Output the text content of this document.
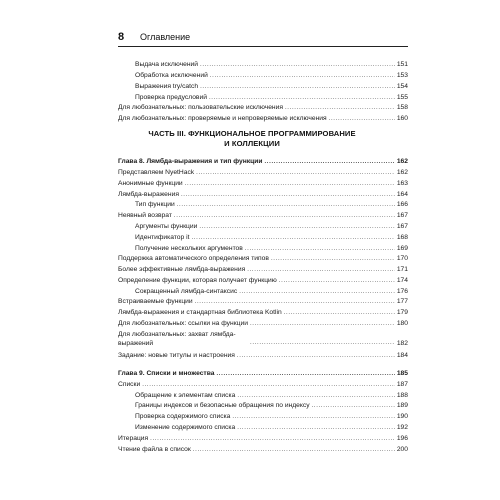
8 Оглавление
Выдача исключений . . .	151
Обработка исключений . . .	153
Выражения try/catch . . .	154
Проверка предусловий . . .	155
Для любознательных: пользовательские исключения . . .	158
Для любознательных: проверяемые и непроверяемые исключения . . .	160
ЧАСТЬ III. ФУНКЦИОНАЛЬНОЕ ПРОГРАММИРОВАНИЕ
И КОЛЛЕКЦИИ
Глава 8. Лямбда-выражения и тип функции . . .	162
Представляем NyetHack . . .	162
Анонимные функции . . .	163
Лямбда-выражения . . .	164
Тип функции . . .	166
Неявный возврат . . .	167
Аргументы функции . . .	167
Идентификатор it . . .	168
Получение нескольких аргументов . . .	169
Поддержка автоматического определения типов . . .	170
Более эффективные лямбда-выражения . . .	171
Определение функции, которая получает функцию . . .	174
Сокращенный лямбда-синтаксис . . .	176
Встраиваемые функции . . .	177
Лямбда-выражения и стандартная библиотека Kotlin . . .	179
Для любознательных: ссылки на функции . . .	180
Для любознательных: захват лямбда-выражений . . .	182
Задание: новые титулы и настроения . . .	184
Глава 9. Списки и множества . . .	185
Списки . . .	187
Обращение к элементам списка . . .	188
Границы индексов и безопасные обращения по индексу . . .	189
Проверка содержимого списка . . .	190
Изменение содержимого списка . . .	192
Итерация . . .	196
Чтение файла в список . . .	200
